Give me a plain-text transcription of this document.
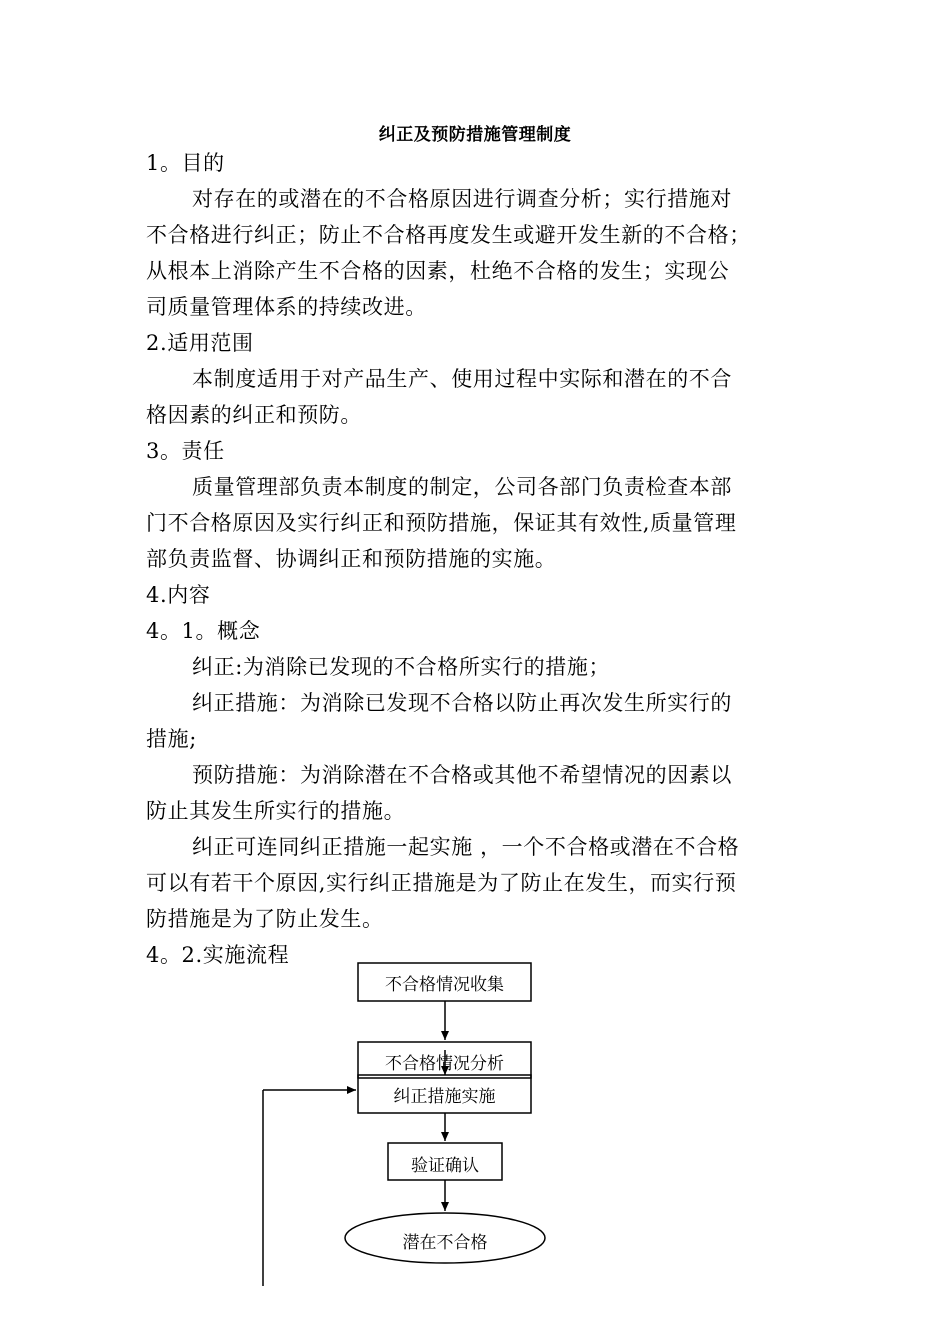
纠正及预防措施管理制度
1。目的
对存在的或潜在的不合格原因进行调查分析；实行措施对
不合格进行纠正；防止不合格再度发生或避开发生新的不合格；
从根本上消除产生不合格的因素，杜绝不合格的发生；实现公
司质量管理体系的持续改进。
2.适用范围
本制度适用于对产品生产、使用过程中实际和潜在的不合
格因素的纠正和预防。
3。责任
质量管理部负责本制度的制定，公司各部门负责检查本部
门不合格原因及实行纠正和预防措施，保证其有效性,质量管理
部负责监督、协调纠正和预防措施的实施。
4.内容
4。1。概念
纠正:为消除已发现的不合格所实行的措施；
纠正措施：为消除已发现不合格以防止再次发生所实行的
措施;
预防措施：为消除潜在不合格或其他不希望情况的因素以
防止其发生所实行的措施。
纠正可连同纠正措施一起实施 ，一个不合格或潜在不合格
可以有若干个原因,实行纠正措施是为了防止在发生，而实行预
防措施是为了防止发生。
4。2.实施流程
不合格情况收集
不合格情况分析
纠正措施实施
验证确认
潜在不合格
